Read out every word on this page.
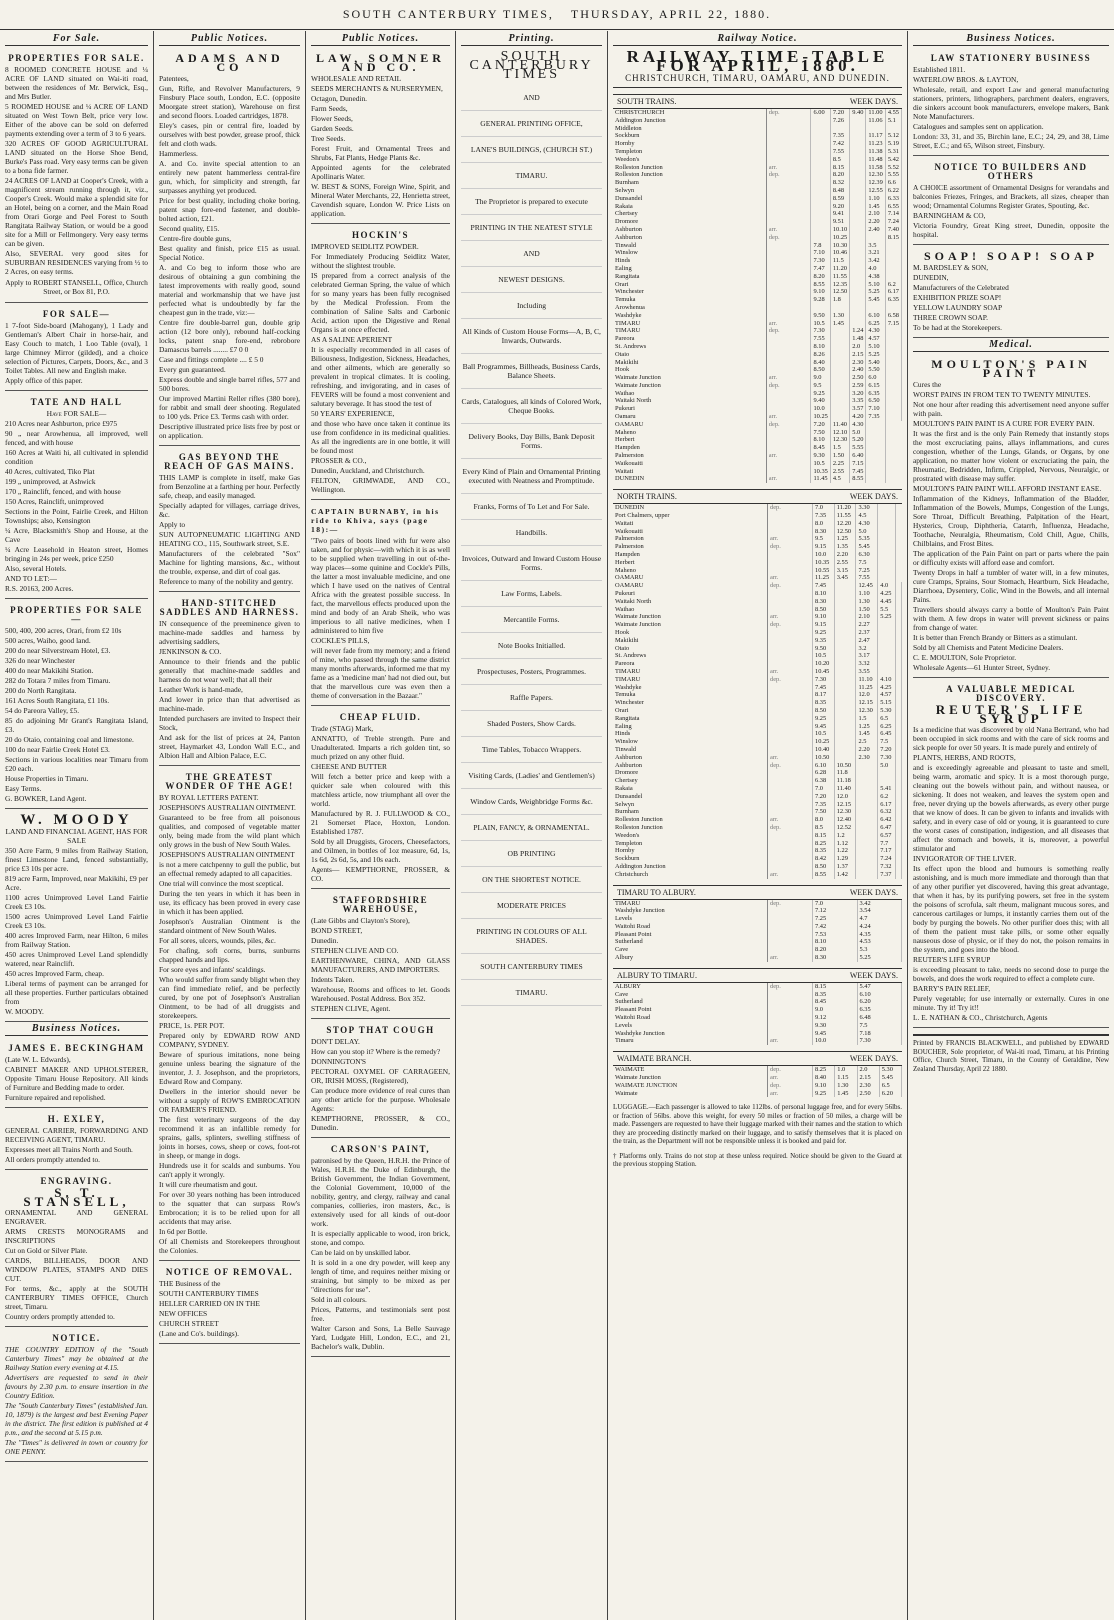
SOUTH CANTERBURY TIMES, THURSDAY, APRIL 22, 1880.
For Sale.
PROPERTIES FOR SALE.

8 ROOMED CONCRETE HOUSE and ¼ ACRE OF LAND situated on Wai-iti road, between the residences of Mr. Berwick, Esq., and Mrs Butler.

5 ROOMED HOUSE and ¼ ACRE OF LAND situated on West Town Belt, price very low. Either of the above can be sold on deferred payments extending over a term of 3 to 6 years.

320 ACRES OF GOOD AGRICULTURAL LAND situated on the Horse Shoe Bend, Burke's Pass road. Very easy terms can be given to a bona fide farmer.

24 ACRES OF LAND at Cooper's Creek, with a magnificent stream running through it, viz., Cooper's Creek. Would make a splendid site for an Hotel, being on a corner, and the Main Road from Orari Gorge and Peel Forest to South Rangitata Railway Station, or would be a good site for a Mill or Fellmongery. Very easy terms can be given.

Also, SEVERAL very good sites for SUBURBAN RESIDENCES varying from ½ to 2 Acres, on easy terms.

Apply to ROBERT STANSELL, Office, Church Street, or Box 81, P.O.

FOR SALE—

1 7-foot Side-board (Mahogany), 1 Lady and Gentleman's Albert Chair in horse-hair, and Easy Couch to match, 1 Loo Table (oval), 1 large Chimney Mirror (gilded), and a choice selection of Pictures, Carpets, Doors, &c., and 3 Toilet Tables. All new and English make.

Apply office of this paper.

TATE AND HALL
Have FOR SALE—

210 Acres near Ashburton, price £975

90 „ near Arowhenua, all improved, well fenced, and with house

160 Acres at Waiti hi, all cultivated in splendid condition

40 Acres, cultivated, Tiko Plat

199 „ unimproved, at Ashwick

170 „ Rainclift, fenced, and with house

150 Acres, Rainclift, unimproved

Sections in the Point, Fairlie Creek, and Hilton Townships; also, Kensington

¼ Acre, Blacksmith's Shop and House, at the Cave

¼ Acre Leasehold in Heaton street, Homes bringing in 24s per week, price £250

Also, several Hotels.

AND TO LET:—

R.S. 20163, 200 Acres.

PROPERTIES FOR SALE—

500, 400, 200 acres, Orari, from £2 10s

500 acres, Waiho, good land.

200 do near Silverstream Hotel, £3.

326 do near Winchester

400 do near Makikihi Station.

282 do Totara 7 miles from Timaru.

200 do North Rangitata.

161 Acres South Rangitata, £1 10s.

54 do Pareora Valley, £5.

85 do adjoining Mr Grant's Rangitata Island, £3.

20 do Otaio, containing coal and limestone.

100 do near Fairlie Creek Hotel £3.

Sections in various localities near Timaru from £20 each.

House Properties in Timaru.

Easy Terms.

G. BOWKER, Land Agent.

W. MOODY
LAND AND FINANCIAL AGENT, HAS FOR SALE

350 Acre Farm, 9 miles from Railway Station, finest Limestone Land, fenced substantially, price £3 10s per acre.

819 acre Farm, Improved, near Makikihi, £9 per Acre.

1100 acres Unimproved Level Land Fairlie Creek £3 10s.

1500 acres Unimproved Level Land Fairlie Creek £3 10s.

400 acres Improved Farm, near Hilton, 6 miles from Railway Station.

450 acres Unimproved Level Land splendidly watered, near Rainclift.

450 acres Improved Farm, cheap.

Liberal terms of payment can be arranged for all these properties. Further particulars obtained from

W. MOODY.

Business Notices.
JAMES E. BECKINGHAM

(Late W. L. Edwards),

CABINET MAKER AND UPHOLSTERER, Opposite Timaru House Repository. All kinds of Furniture and Bedding made to order.

Furniture repaired and repolished.

H. EXLEY,

GENERAL CARRIER, FORWARDING AND RECEIVING AGENT, TIMARU.

Expresses meet all Trains North and South.

All orders promptly attended to.

ENGRAVING.
S. T. STANSELL,

ORNAMENTAL AND GENERAL ENGRAVER.

ARMS CRESTS MONOGRAMS and INSCRIPTIONS

Cut on Gold or Silver Plate.

CARDS, BILLHEADS, DOOR AND WINDOW PLATES, STAMPS AND DIES CUT.

For terms, &c., apply at the SOUTH CANTERBURY TIMES OFFICE, Church street, Timaru.

Country orders promptly attended to.

NOTICE.

THE COUNTRY EDITION of the "South Canterbury Times" may be obtained at the Railway Station every evening at 4.15.

Advertisers are requested to send in their favours by 2.30 p.m. to ensure insertion in the Country Edition.

The "South Canterbury Times" (established Jan. 10, 1879) is the largest and best Evening Paper in the district. The first edition is published at 4 p.m., and the second at 5.15 p.m.

The "Times" is delivered in town or country for ONE PENNY.

Public Notices.
ADAMS AND CO

Patentees,

Gun, Rifle, and Revolver Manufacturers, 9 Finsbury Place south, London, E.C. (opposite Moorgate street station), Warehouse on first and second floors. Loaded cartridges, 1878.

Eley's cases, pin or central fire, loaded by ourselves with best powder, grease proof, thick felt and cloth wads.

Hammerless.

A. and Co. invite special attention to an entirely new patent hammerless central-fire gun, which, for simplicity and strength, far surpasses anything yet produced.

Price for best quality, including choke boring, patent snap fore-end fastener, and double-bolted action, £21.

Second quality, £15.

Centre-fire double guns,

Best quality and finish, price £15 as usual. Special Notice.

A. and Co beg to inform those who are desirous of obtaining a gun combining the latest improvements with really good, sound material and workmanship that we have just perfected what is undoubtedly by far the cheapest gun in the trade, viz:—

Centre fire double-barrel gun, double grip action (12 bore only), rebound half-cocking locks, patent snap fore-end, rebrobore Damascus barrels ........ £7 0 0

Case and fittings complete .... £ 5 0

Every gun guaranteed.

Express double and single barrel rifles, 577 and 500 bores.

Our improved Martini Reller rifles (380 bore), for rabbit and small deer shooting. Regulated to 100 yds. Price £3. Terms cash with order.

Descriptive illustrated price lists free by post or on application.

GAS BEYOND THE REACH OF GAS MAINS.

THIS LAMP is complete in itself, make Gas from Benzoline at a farthing per hour. Perfectly safe, cheap, and easily managed.

Specially adapted for villages, carriage drives, &c.

Apply to

SUN AUTOPNEUMATIC LIGHTING AND HEATING CO., 115, Southwark street, S.E.

Manufacturers of the celebrated "Sox" Machine for lighting mansions, &c., without the trouble, expense, and dirt of coal gas.

Reference to many of the nobility and gentry.

HAND-STITCHED SADDLES AND HARNESS.

IN consequence of the preeminence given to machine-made saddles and harness by advertising saddlers,

JENKINSON & CO.

Announce to their friends and the public generally that machine-made saddles and harness do not wear well; that all their

Leather Work is hand-made,

And lower in price than that advertised as machine-made.

Intended purchasers are invited to Inspect their Stock,

And ask for the list of prices at 24, Panton street, Haymarket 43, London Wall E.C., and Albion Hall and Albion Palace, E.C.

THE GREATEST WONDER OF THE AGE!

BY ROYAL LETTERS PATENT.

JOSEPHSON'S AUSTRALIAN OINTMENT.

Guaranteed to be free from all poisonous qualities, and composed of vegetable matter only, being made from the wild plant which only grows in the bush of New South Wales.

JOSEPHSON'S AUSTRALIAN OINTMENT

is not a mere catchpenny to gull the public, but an effectual remedy adapted to all capacities.

One trial will convince the most sceptical.

During the ten years in which it has been in use, its efficacy has been proved in every case in which it has been applied.

Josephson's Australian Ointment is the standard ointment of New South Wales.

For all sores, ulcers, wounds, piles, &c.

For chafing, soft corns, burns, sunburns chapped hands and lips.

For sore eyes and infants' scaldings.

Who would suffer from sandy blight when they can find immediate relief, and be perfectly cured, by one pot of Josephson's Australian Ointment, to be had of all druggists and storekeepers.

PRICE, 1s. PER POT.

Prepared only by EDWARD ROW AND COMPANY, SYDNEY.

Beware of spurious imitations, none being genuine unless bearing the signature of the inventor, J. J. Josephson, and the proprietors, Edward Row and Company.

Dwellers in the interior should never be without a supply of ROW'S EMBROCATION OR FARMER'S FRIEND.

The first veterinary surgeons of the day recommend it as an infallible remedy for sprains, galls, splinters, swelling stiffness of joints in horses, cows, sheep or cows, foot-rot in sheep, or mange in dogs.

Hundreds use it for scalds and sunburns. You can't apply it wrongly.

It will cure rheumatism and gout.

For over 30 years nothing has been introduced to the squatter that can surpass Row's Embrocation; it is to be relied upon for all accidents that may arise.

In 6d per Bottle.

Of all Chemists and Storekeepers throughout the Colonies.

NOTICE OF REMOVAL.

THE Business of the

SOUTH CANTERBURY TIMES

HELLER CARRIED ON IN THE

NEW OFFICES

CHURCH STREET

(Lane and Co's. buildings).

Public Notices.
LAW, SOMNER AND CO.

WHOLESALE AND RETAIL

SEEDS MERCHANTS & NURSERYMEN,

Octagon, Dunedin.

Farm Seeds,

Flower Seeds,

Garden Seeds.

Tree Seeds.

Forest Fruit, and Ornamental Trees and Shrubs, Fat Plants, Hedge Plants &c.

Appointed agents for the celebrated Apollinaris Water.

W. BEST & SONS, Foreign Wine, Spirit, and Mineral Water Merchants, 22, Henrietta street, Cavendish square, London W. Price Lists on application.

HOCKIN'S

IMPROVED SEIDLITZ POWDER.

For Immediately Producing Seidlitz Water, without the slightest trouble.

IS prepared from a correct analysis of the celebrated German Spring, the value of which for so many years has been fully recognised by the Medical Profession. From the combination of Saline Salts and Carbonic Acid, action upon the Digestive and Renal Organs is at once effected.

AS A SALINE APERIENT

It is especially recommended in all cases of Biliousness, Indigestion, Sickness, Headaches, and other ailments, which are generally so prevalent in tropical climates. It is cooling, refreshing, and invigorating, and in cases of FEVERS will be found a most convenient and salutary beverage. It has stood the test of

50 YEARS' EXPERIENCE,

and those who have once taken it continue its use from confidence in its medicinal qualities. As all the ingredients are in one bottle, it will be found most

PROSSER & CO.,

Dunedin, Auckland, and Christchurch.

FELTON, GRIMWADE, AND CO., Wellington.

CAPTAIN BURNABY, in his ride to Khiva, says (page 18):—

"Two pairs of boots lined with fur were also taken, and for physic—with which it is as well to be supplied when travelling in out of-the-way places—some quinine and Cockle's Pills, the latter a most invaluable medicine, and one which I have used on the natives of Central Africa with the greatest possible success. In fact, the marvellous effects produced upon the mind and body of an Arab Sheik, who was imperious to all native medicines, when I administered to him five

COCKLE'S PILLS,

will never fade from my memory; and a friend of mine, who passed through the same district many months afterwards, informed me that my fame as a 'medicine man' had not died out, but that the marvellous cure was even then a theme of conversation in the Bazaar."

CHEAP FLUID.

Trade (STAG) Mark,

ANNATTO, of Treble strength. Pure and Unadulterated. Imparts a rich golden tint, so much prized on any other fluid.

CHEESE AND BUTTER

Will fetch a better price and keep with a quicker sale when coloured with this matchless article, now triumphant all over the world.

Manufactured by R. J. FULLWOOD & CO., 21 Somerset Place, Hoxton, London. Established 1787.

Sold by all Druggists, Grocers, Cheesefactors, and Oilmen, in bottles of 1oz measure, 6d, 1s, 1s 6d, 2s 6d, 5s, and 10s each.

Agents— KEMPTHORNE, PROSSER, & CO.

STAFFORDSHIRE WAREHOUSE,

(Late Gibbs and Clayton's Store),

BOND STREET,

Dunedin.

STEPHEN CLIVE AND CO.

EARTHENWARE, CHINA, AND GLASS MANUFACTURERS, AND IMPORTERS.

Indents Taken.

Warehouse, Rooms and offices to let. Goods Warehoused. Postal Address. Box 352.

STEPHEN CLIVE, Agent.

STOP THAT COUGH

DON'T DELAY.

How can you stop it? Where is the remedy?

DONNINGTON'S

PECTORAL OXYMEL OF CARRAGEEN, OR, IRISH MOSS, (Registered),

Can produce more evidence of real cures than any other article for the purpose. Wholesale Agents:

KEMPTHORNE, PROSSER, & CO., Dunedin.

CARSON'S PAINT,

patronised by the Queen, H.R.H. the Prince of Wales, H.R.H. the Duke of Edinburgh, the British Government, the Indian Government, the Colonial Government, 10,000 of the nobility, gentry, and clergy, railway and canal companies, collieries, iron masters, &c., is extensively used for all kinds of out-door work.

It is especially applicable to wood, iron brick, stone, and compo.

Can be laid on by unskilled labor.

It is sold in a one dry powder, will keep any length of time, and requires neither mixing or straining, but simply to be mixed as per "directions for use".

Sold in all colours.

Prices, Patterns, and testimonials sent post free.

Walter Carson and Sons, La Belle Sauvage Yard, Ludgate Hill, London, E.C., and 21, Bachelor's walk, Dublin.

Printing.
SOUTH CANTERBURY TIMES

AND

GENERAL PRINTING OFFICE,

LANE'S BUILDINGS, (CHURCH ST.)

TIMARU.

The Proprietor is prepared to execute

PRINTING IN THE NEATEST STYLE

AND

NEWEST DESIGNS.

Including

All Kinds of Custom House Forms—A, B, C, Inwards, Outwards.

Ball Programmes, Billheads, Business Cards, Balance Sheets.

Cards, Catalogues, all kinds of Colored Work, Cheque Books.

Delivery Books, Day Bills, Bank Deposit Forms.

Every Kind of Plain and Ornamental Printing executed with Neatness and Promptitude.

Franks, Forms of To Let and For Sale.

Handbills.

Invoices, Outward and Inward Custom House Forms.

Law Forms, Labels.

Mercantile Forms.

Note Books Initialled.

Prospectuses, Posters, Programmes.

Raffle Papers.

Shaded Posters, Show Cards.

Time Tables, Tobacco Wrappers.

Visiting Cards, (Ladies' and Gentlemen's)

Window Cards, Weighbridge Forms &c.

PLAIN, FANCY, & ORNAMENTAL.

OB PRINTING

ON THE SHORTEST NOTICE.

MODERATE PRICES

PRINTING IN COLOURS OF ALL SHADES.

SOUTH CANTERBURY TIMES

TIMARU.

Railway Notice.
RAILWAY TIME-TABLE FOR APRIL, 1880.
CHRISTCHURCH, TIMARU, OAMARU, AND DUNEDIN.
SOUTH TRAINS.	WEEK DAYS.
CHRISTCHURCH	dep.	6.00	7.20	9.40	11.00	4.55
Addington Junction			7.26		11.06	5.1
Middleton						
Sockburn			7.35		11.17	5.12
Hornby			7.42		11.23	5.19
Templeton			7.55		11.38	5.31
Weedon's			8.5		11.48	5.42
Rolleston Junction	arr.		8.15		11.58	5.52
Rolleston Junction	dep.		8.20		12.30	5.55
Burnham			8.32		12.39	6.6
Selwyn			8.48		12.55	6.22
Dunsandel			8.59		1.10	6.33
Rakaia			9.20		1.45	6.55
Chertsey			9.41		2.10	7.14
Dromore			9.51		2.20	7.24
Ashburton	arr.		10.10		2.40	7.40
Ashburton	dep.		10.25			8.15
Tinwald		7.8	10.30		3.5	
Winslow		7.10	10.46		3.21	
Hinds		7.30	11.5		3.42	
Ealing		7.47	11.20		4.0	
Rangitata		8.20	11.55		4.38	
Orari		8.55	12.35		5.10	6.2
Winchester		9.10	12.50		5.25	6.17
Temuka		9.28	1.8		5.45	6.35
Arowhenua						
Washdyke		9.50	1.30		6.10	6.58
TIMARU	arr.	10.5	1.45		6.25	7.15
TIMARU	dep.	7.30		1.24	4.30	
Pareora		7.55		1.48	4.57	
St. Andrews		8.10		2.0	5.10	
Otaio		8.26		2.15	5.25	
Makikihi		8.40		2.30	5.40	
Hook		8.50		2.40	5.50	
Waimate Junction	arr.	9.0		2.50	6.0	
Waimate Junction	dep.	9.5		2.59	6.15	
Waihao		9.25		3.20	6.35	
Waitaki North		9.40		3.35	6.50	
Pukeuri		10.0		3.57	7.10	
Oamaru	arr.	10.25		4.20	7.35	
OAMARU	dep.	7.20	11.40	4.30		
Maheno		7.50	12.10	5.0		
Herbert		8.10	12.30	5.20		
Hampden		8.45	1.5	5.55		
Palmerston	arr.	9.30	1.50	6.40		
Waikouaiti		10.5	2.25	7.15		
Waitati		10.35	2.55	7.45		
DUNEDIN	arr.	11.45	4.5	8.55		
NORTH TRAINS.	WEEK DAYS.
DUNEDIN	dep.	7.0	11.20	3.30		
Port Chalmers, upper		7.35	11.55	4.5		
Waitati		8.0	12.20	4.30		
Waikouaiti		8.30	12.50	5.0		
Palmerston	arr.	9.5	1.25	5.35		
Palmerston	dep.	9.15	1.35	5.45		
Hampden		10.0	2.20	6.30		
Herbert		10.35	2.55	7.5		
Maheno		10.55	3.15	7.25		
OAMARU	arr.	11.25	3.45	7.55		
OAMARU	dep.	7.45		12.45	4.0	
Pukeuri		8.10		1.10	4.25	
Waitaki North		8.30		1.30	4.45	
Waihao		8.50		1.50	5.5	
Waimate Junction	arr.	9.10		2.10	5.25	
Waimate Junction	dep.	9.15		2.27		
Hook		9.25		2.37		
Makikihi		9.35		2.47		
Otaio		9.50		3.2		
St. Andrews		10.5		3.17		
Pareora		10.20		3.32		
TIMARU	arr.	10.45		3.55		
TIMARU	dep.	7.30		11.10	4.10	
Washdyke		7.45		11.25	4.25	
Temuka		8.17		12.0	4.57	
Winchester		8.35		12.15	5.15	
Orari		8.50		12.30	5.30	
Rangitata		9.25		1.5	6.5	
Ealing		9.45		1.25	6.25	
Hinds		10.5		1.45	6.45	
Winslow		10.25		2.5	7.5	
Tinwald		10.40		2.20	7.20	
Ashburton	arr.	10.50		2.30	7.30	
Ashburton	dep.	6.10	10.50		5.0	
Dromore		6.28	11.8			
Chertsey		6.38	11.18			
Rakaia		7.0	11.40		5.41	
Dunsandel		7.20	12.0		6.2	
Selwyn		7.35	12.15		6.17	
Burnham		7.50	12.30		6.32	
Rolleston Junction	arr.	8.0	12.40		6.42	
Rolleston Junction	dep.	8.5	12.52		6.47	
Weedon's		8.15	1.2		6.57	
Templeton		8.25	1.12		7.7	
Hornby		8.35	1.22		7.17	
Sockburn		8.42	1.29		7.24	
Addington Junction		8.50	1.37		7.32	
Christchurch	arr.	8.55	1.42		7.37	
TIMARU TO ALBURY.	WEEK DAYS.
TIMARU	dep.	7.0	3.42
Washdyke Junction		7.12	3.54
Levels		7.25	4.7
Waitohi Road		7.42	4.24
Pleasant Point		7.53	4.35
Sutherland		8.10	4.53
Cave		8.20	5.3
Albury	arr.	8.30	5.25
ALBURY TO TIMARU.	WEEK DAYS.
ALBURY	dep.	8.15	5.47
Cave		8.35	6.10
Sutherland		8.45	6.20
Pleasant Point		9.0	6.35
Waitohi Road		9.12	6.48
Levels		9.30	7.5
Washdyke Junction		9.45	7.18
Timaru	arr.	10.0	7.30
WAIMATE BRANCH.	WEEK DAYS.
WAIMATE	dep.	8.25	1.0	2.0	5.30
Waimate Junction	arr.	8.40	1.15	2.15	5.45
WAIMATE JUNCTION	dep.	9.10	1.30	2.30	6.5
Waimate	arr.	9.25	1.45	2.50	6.20
LUGGAGE.—Each passenger is allowed to take 112lbs. of personal luggage free, and for every 56lbs. or fraction of 56lbs. above this weight, for every 50 miles or fraction of 50 miles, a charge will be made. Passengers are requested to have their luggage marked with their names and the station to which they are proceeding distinctly marked on their luggage, and to satisfy themselves that it is placed on the train, as the Department will not be responsible unless it is booked and paid for.
† Platforms only. Trains do not stop at these unless required. Notice should be given to the Guard at the previous stopping Station.
Business Notices.
LAW STATIONERY BUSINESS

Established 1811.

WATERLOW BROS. & LAYTON,

Wholesale, retail, and export Law and general manufacturing stationers, printers, lithographers, parchment dealers, engravers, die sinkers account book manufacturers, envelope makers, Bank Note Manufacturers.

Catalogues and samples sent on application.

London: 33, 31, and 35, Birchin lane, E.C.; 24, 29, and 38, Lime Street, E.C.; and 65, Wilson street, Finsbury.

NOTICE TO BUILDERS AND OTHERS

A CHOICE assortment of Ornamental Designs for verandahs and balconies Friezes, Fringes, and Brackets, all sizes, cheaper than wood; Ornamental Columns Register Grates, Spouting, &c.

BARNINGHAM & CO,

Victoria Foundry, Great King street, Dunedin, opposite the hospital.

SOAP! SOAP! SOAP

M. BARDSLEY & SON,

DUNEDIN,

Manufacturers of the Celebrated

EXHIBITION PRIZE SOAP!

YELLOW LAUNDRY SOAP

THREE CROWN SOAP.

To be had at the Storekeepers.

Medical.
MOULTON'S PAIN PAINT

Cures the

WORST PAINS IN FROM TEN TO TWENTY MINUTES.

Not one hour after reading this advertisement need anyone suffer with pain.

MOULTON'S PAIN PAINT IS A CURE FOR EVERY PAIN.

It was the first and is the only Pain Remedy that instantly stops the most excruciating pains, allays inflammations, and cures congestion, whether of the Lungs, Glands, or Organs, by one application, no matter how violent or excruciating the pain, the Rheumatic, Bedridden, Infirm, Crippled, Nervous, Neuralgic, or prostrated with disease may suffer.

MOULTON'S PAIN PAINT WILL AFFORD INSTANT EASE.

Inflammation of the Kidneys, Inflammation of the Bladder, Inflammation of the Bowels, Mumps, Congestion of the Lungs, Sore Throat, Difficult Breathing, Palpitation of the Heart, Hysterics, Croup, Diphtheria, Catarrh, Influenza, Headache, Toothache, Neuralgia, Rheumatism, Cold Chill, Ague, Chills, Chilblains, and Frost Bites.

The application of the Pain Paint on part or parts where the pain or difficulty exists will afford ease and comfort.

Twenty Drops in half a tumbler of water will, in a few minutes, cure Cramps, Sprains, Sour Stomach, Heartburn, Sick Headache, Diarrhoea, Dysentery, Colic, Wind in the Bowels, and all internal Pains.

Travellers should always carry a bottle of Moulton's Pain Paint with them. A few drops in water will prevent sickness or pains from change of water.

It is better than French Brandy or Bitters as a stimulant.

Sold by all Chemists and Patent Medicine Dealers.

C. E. MOULTON, Sole Proprietor.

Wholesale Agents—61 Hunter Street, Sydney.

A VALUABLE MEDICAL DISCOVERY.
REUTER'S LIFE SYRUP

Is a medicine that was discovered by old Nana Bertrand, who had been occupied in sick rooms and with the care of sick rooms and sick people for over 50 years. It is made purely and entirely of

PLANTS, HERBS, AND ROOTS,

and is exceedingly agreeable and pleasant to taste and smell, being warm, aromatic and spicy. It is a most thorough purge, cleaning out the bowels without pain, and without nausea, or sickening. It does not weaken, and leaves the system open and free, never drying up the bowels afterwards, as every other purge that we know of does. It can be given to infants and invalids with safety, and in every case of old or young, it is guaranteed to cure the worst cases of constipation, indigestion, and all diseases that affect the stomach and bowels, it is, moreover, a powerful stimulator and

INVIGORATOR OF THE LIVER.

Its effect upon the blood and humours is something really astonishing, and is much more immediate and thorough than that of any other purifier yet discovered, having this great advantage, that when it has, by its purifying powers, set free in the system the poisons of scrofula, salt rheum, malignant mucous sores, and cancerous cartilages or lumps, it instantly carries them out of the body by purging the bowels. No other purifier does this; with all of them the patient must take pills, or some other equally nauseous dose of physic, or if they do not, the poison remains in the system, and goes into the blood.

REUTER'S LIFE SYRUP

is exceeding pleasant to take, needs no second dose to purge the bowels, and does the work required to effect a complete cure.

BARRY'S PAIN RELIEF,

Purely vegetable; for use internally or externally. Cures in one minute. Try it! Try it!!

L. E. NATHAN & CO., Christchurch, Agents

Printed by FRANCIS BLACKWELL, and published by EDWARD BOUCHER, Sole proprietor, of Wai-iti road, Timaru, at his Printing Office, Church Street, Timaru, in the County of Geraldine, New Zealand Thursday, April 22 1880.
